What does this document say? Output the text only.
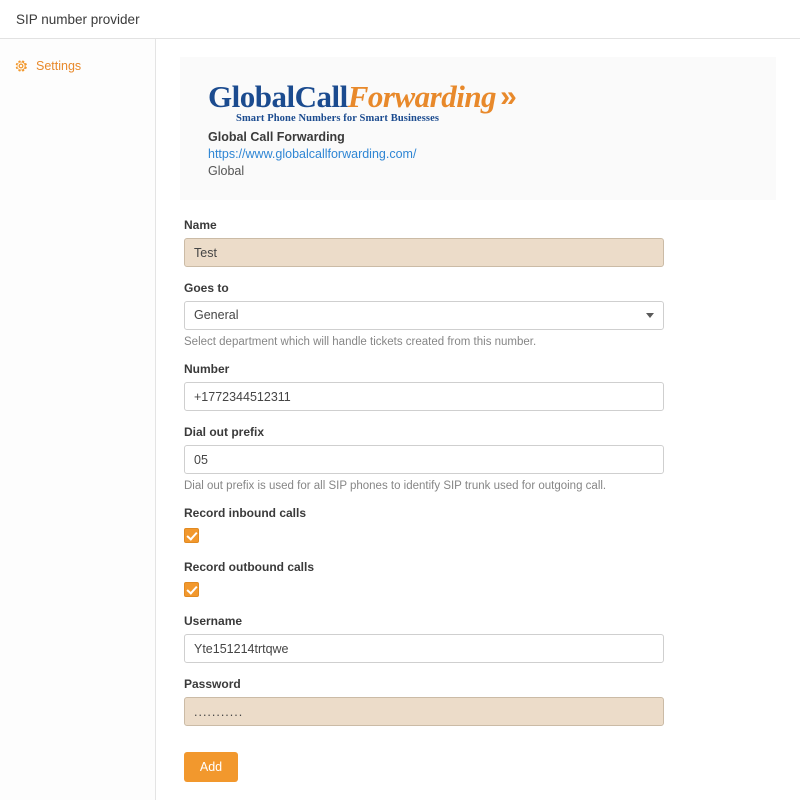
SIP number provider
Settings
Global Call Forwarding »
Smart Phone Numbers for Smart Businesses
Global Call Forwarding
https://www.globalcallforwarding.com/
Global
Name
Test
Goes to
General
Select department which will handle tickets created from this number.
Number
+1772344512311
Dial out prefix
05
Dial out prefix is used for all SIP phones to identify SIP trunk used for outgoing call.
Record inbound calls
Record outbound calls
Username
Yte151214trtqwe
Password
...........
Add
